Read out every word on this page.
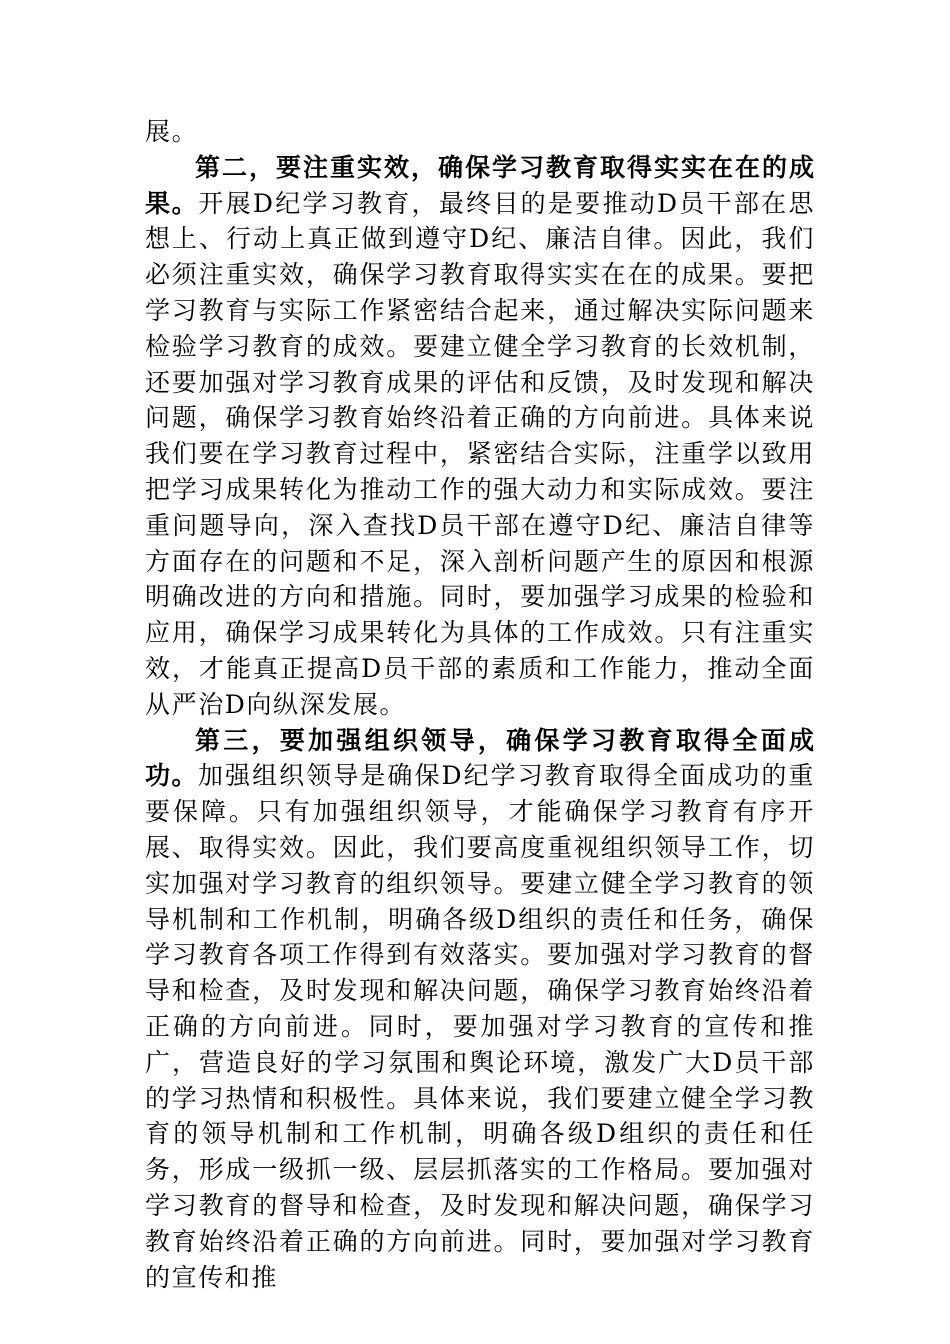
展。

第二，要注重实效，确保学习教育取得实实在在的成果。开展D纪学习教育，最终目的是要推动D员干部在思想上、行动上真正做到遵守D纪、廉洁自律。因此，我们必须注重实效，确保学习教育取得实实在在的成果。要把学习教育与实际工作紧密结合起来，通过解决实际问题来检验学习教育的成效。要建立健全学习教育的长效机制，还要加强对学习教育成果的评估和反馈，及时发现和解决问题，确保学习教育始终沿着正确的方向前进。具体来说我们要在学习教育过程中，紧密结合实际，注重学以致用把学习成果转化为推动工作的强大动力和实际成效。要注重问题导向，深入查找D员干部在遵守D纪、廉洁自律等方面存在的问题和不足，深入剖析问题产生的原因和根源明确改进的方向和措施。同时，要加强学习成果的检验和应用，确保学习成果转化为具体的工作成效。只有注重实效，才能真正提高D员干部的素质和工作能力，推动全面从严治D向纵深发展。

第三，要加强组织领导，确保学习教育取得全面成功。加强组织领导是确保D纪学习教育取得全面成功的重要保障。只有加强组织领导，才能确保学习教育有序开展、取得实效。因此，我们要高度重视组织领导工作，切实加强对学习教育的组织领导。要建立健全学习教育的领导机制和工作机制，明确各级D组织的责任和任务，确保学习教育各项工作得到有效落实。要加强对学习教育的督导和检查，及时发现和解决问题，确保学习教育始终沿着正确的方向前进。同时，要加强对学习教育的宣传和推广，营造良好的学习氛围和舆论环境，激发广大D员干部的学习热情和积极性。具体来说，我们要建立健全学习教育的领导机制和工作机制，明确各级D组织的责任和任务，形成一级抓一级、层层抓落实的工作格局。要加强对学习教育的督导和检查，及时发现和解决问题，确保学习教育始终沿着正确的方向前进。同时，要加强对学习教育的宣传和推
